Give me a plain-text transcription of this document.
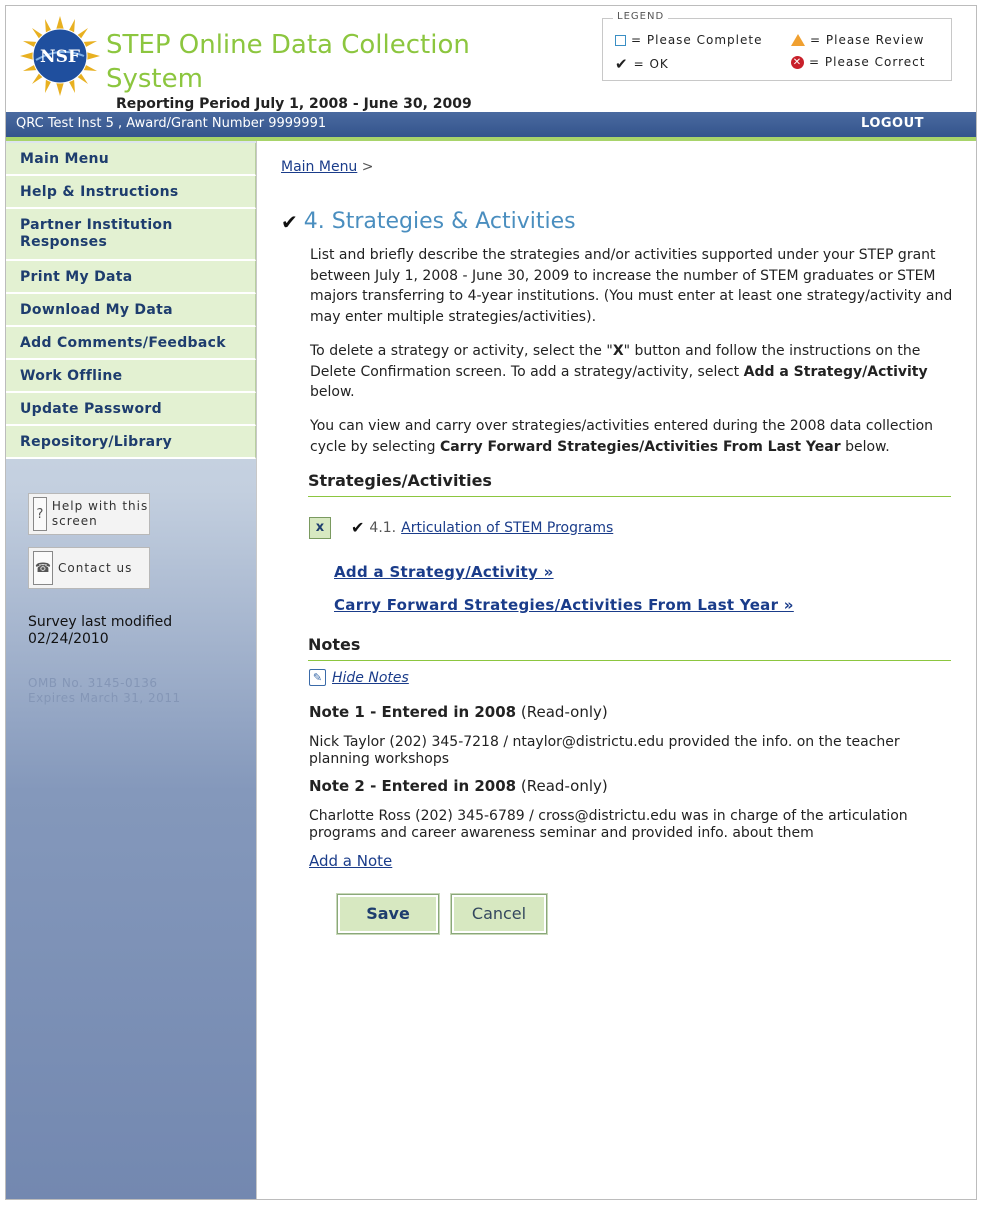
NSF STEP Online Data Collection System
Reporting Period July 1, 2008 - June 30, 2009
LEGEND
= Please Complete
✔ = OK
= Please Review
✕ = Please Correct
QRC Test Inst 5 , Award/Grant Number 9999991	LOGOUT
Main Menu
Help & Instructions
Partner Institution Responses
Print My Data
Download My Data
Add Comments/Feedback
Work Offline
Update Password
Repository/Library
?
Help with this screen
☎ Contact us
Survey last modified
02/24/2010
OMB No. 3145-0136
Expires March 31, 2011
Main Menu >
✔ 4. Strategies & Activities
List and briefly describe the strategies and/or activities supported under your STEP grant between July 1, 2008 - June 30, 2009 to increase the number of STEM graduates or STEM majors transferring to 4-year institutions. (You must enter at least one strategy/activity and may enter multiple strategies/activities).
To delete a strategy or activity, select the "X" button and follow the instructions on the Delete Confirmation screen. To add a strategy/activity, select Add a Strategy/Activity below.
You can view and carry over strategies/activities entered during the 2008 data collection cycle by selecting Carry Forward Strategies/Activities From Last Year below.
Strategies/Activities
x	✔ 4.1. Articulation of STEM Programs
Add a Strategy/Activity »
Carry Forward Strategies/Activities From Last Year »
Notes
✎ Hide Notes
Note 1 - Entered in 2008 (Read-only)
Nick Taylor (202) 345-7218 / ntaylor@districtu.edu provided the info. on the teacher planning workshops
Note 2 - Entered in 2008 (Read-only)
Charlotte Ross (202) 345-6789 / cross@districtu.edu was in charge of the articulation programs and career awareness seminar and provided info. about them
Add a Note
Save	Cancel
